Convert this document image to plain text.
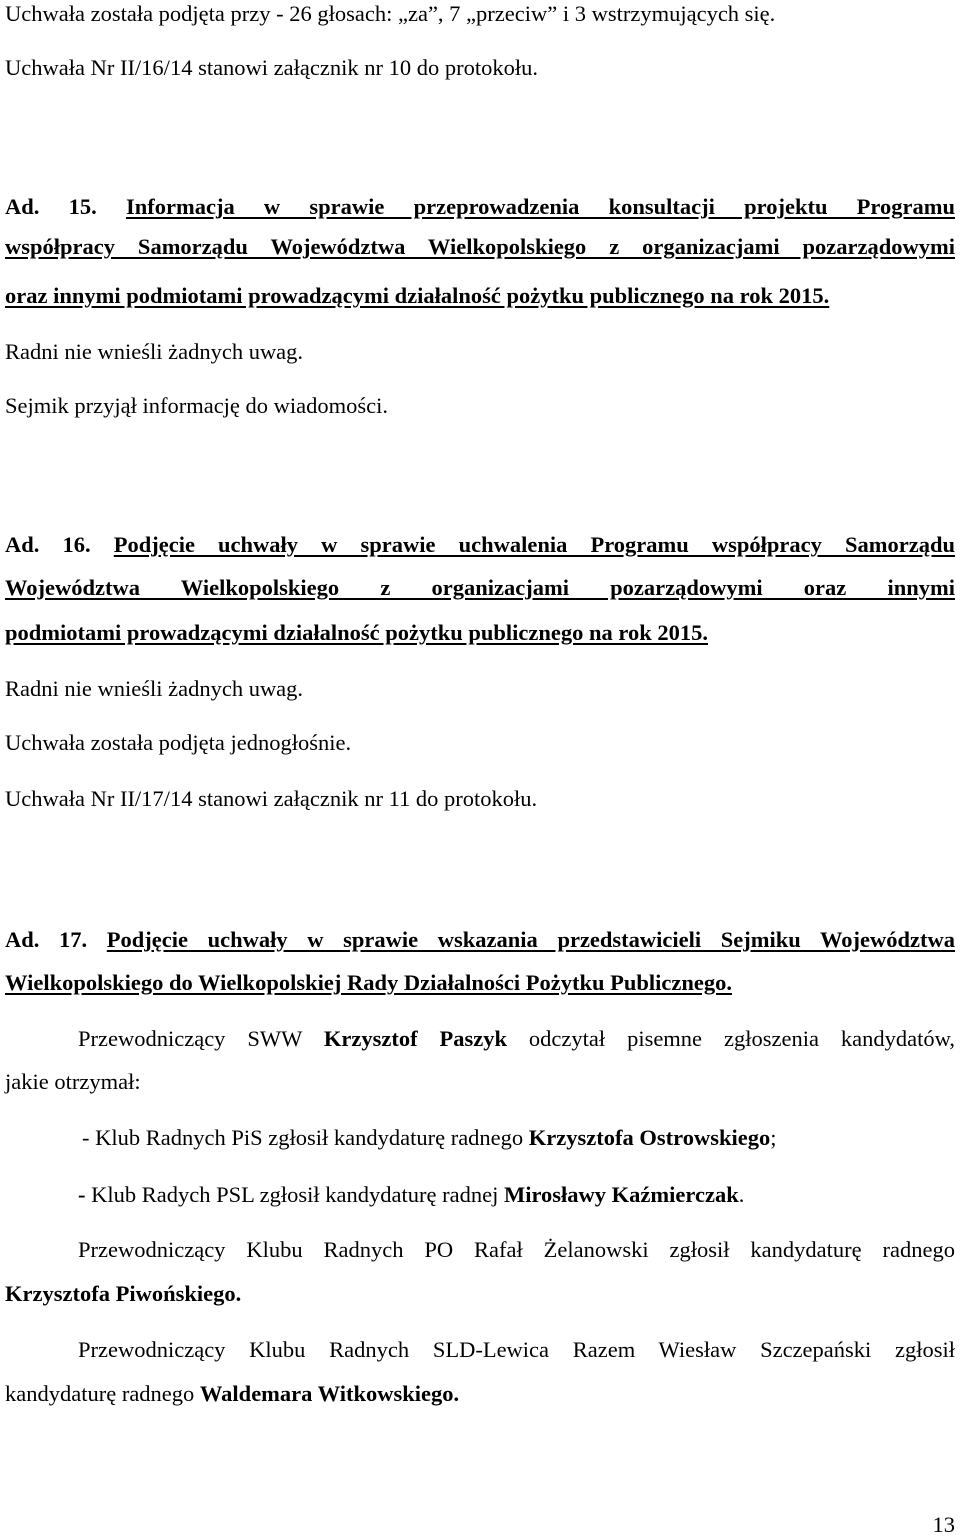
Uchwała została podjęta przy - 26 głosach: „za”, 7 „przeciw” i 3 wstrzymujących się.
Uchwała Nr II/16/14 stanowi załącznik nr 10 do protokołu.
Ad. 15. Informacja w sprawie przeprowadzenia konsultacji projektu Programu
współpracy Samorządu Województwa Wielkopolskiego z organizacjami pozarządowymi
oraz innymi podmiotami prowadzącymi działalność pożytku publicznego na rok 2015.
Radni nie wnieśli żadnych uwag.
Sejmik przyjął informację do wiadomości.
Ad. 16. Podjęcie uchwały w sprawie uchwalenia Programu współpracy Samorządu
Województwa Wielkopolskiego z organizacjami pozarządowymi oraz innymi
podmiotami prowadzącymi działalność pożytku publicznego na rok 2015.
Radni nie wnieśli żadnych uwag.
Uchwała została podjęta jednogłośnie.
Uchwała Nr II/17/14 stanowi załącznik nr 11 do protokołu.
Ad. 17. Podjęcie uchwały w sprawie wskazania przedstawicieli Sejmiku Województwa
Wielkopolskiego do Wielkopolskiej Rady Działalności Pożytku Publicznego.
Przewodniczący SWW Krzysztof Paszyk odczytał pisemne zgłoszenia kandydatów,
jakie otrzymał:
- Klub Radnych PiS zgłosił kandydaturę radnego Krzysztofa Ostrowskiego;
- Klub Radych PSL zgłosił kandydaturę radnej Mirosławy Kaźmierczak.
Przewodniczący Klubu Radnych PO Rafał Żelanowski zgłosił kandydaturę radnego
Krzysztofa Piwońskiego.
Przewodniczący Klubu Radnych SLD-Lewica Razem Wiesław Szczepański zgłosił
kandydaturę radnego Waldemara Witkowskiego.
13
